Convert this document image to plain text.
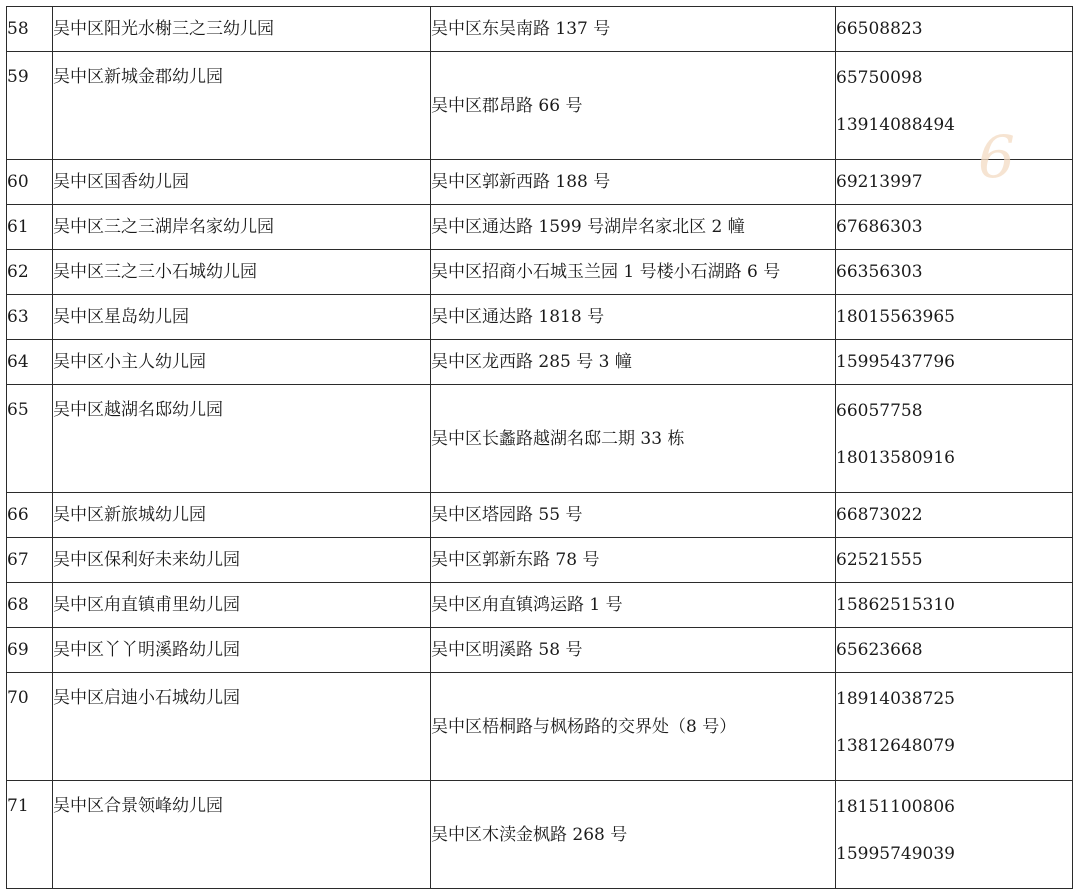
58	吴中区阳光水榭三之三幼儿园	吴中区东吴南路 137 号	66508823

59	吴中区新城金郡幼儿园	吴中区郡昂路 66 号	65750098
13914088494

60	吴中区国香幼儿园	吴中区郭新西路 188 号	69213997

61	吴中区三之三湖岸名家幼儿园	吴中区通达路 1599 号湖岸名家北区 2 幢	67686303

62	吴中区三之三小石城幼儿园	吴中区招商小石城玉兰园 1 号楼小石湖路 6 号	66356303

63	吴中区星岛幼儿园	吴中区通达路 1818 号	18015563965

64	吴中区小主人幼儿园	吴中区龙西路 285 号 3 幢	15995437796

65	吴中区越湖名邸幼儿园	吴中区长蠡路越湖名邸二期 33 栋	66057758
18013580916

66	吴中区新旅城幼儿园	吴中区塔园路 55 号	66873022

67	吴中区保利好未来幼儿园	吴中区郭新东路 78 号	62521555

68	吴中区甪直镇甫里幼儿园	吴中区甪直镇鸿运路 1 号	15862515310

69	吴中区丫丫明溪路幼儿园	吴中区明溪路 58 号	65623668

70	吴中区启迪小石城幼儿园	吴中区梧桐路与枫杨路的交界处（8 号）	18914038725
13812648079

71	吴中区合景领峰幼儿园	吴中区木渎金枫路 268 号	18151100806
15995749039
6
